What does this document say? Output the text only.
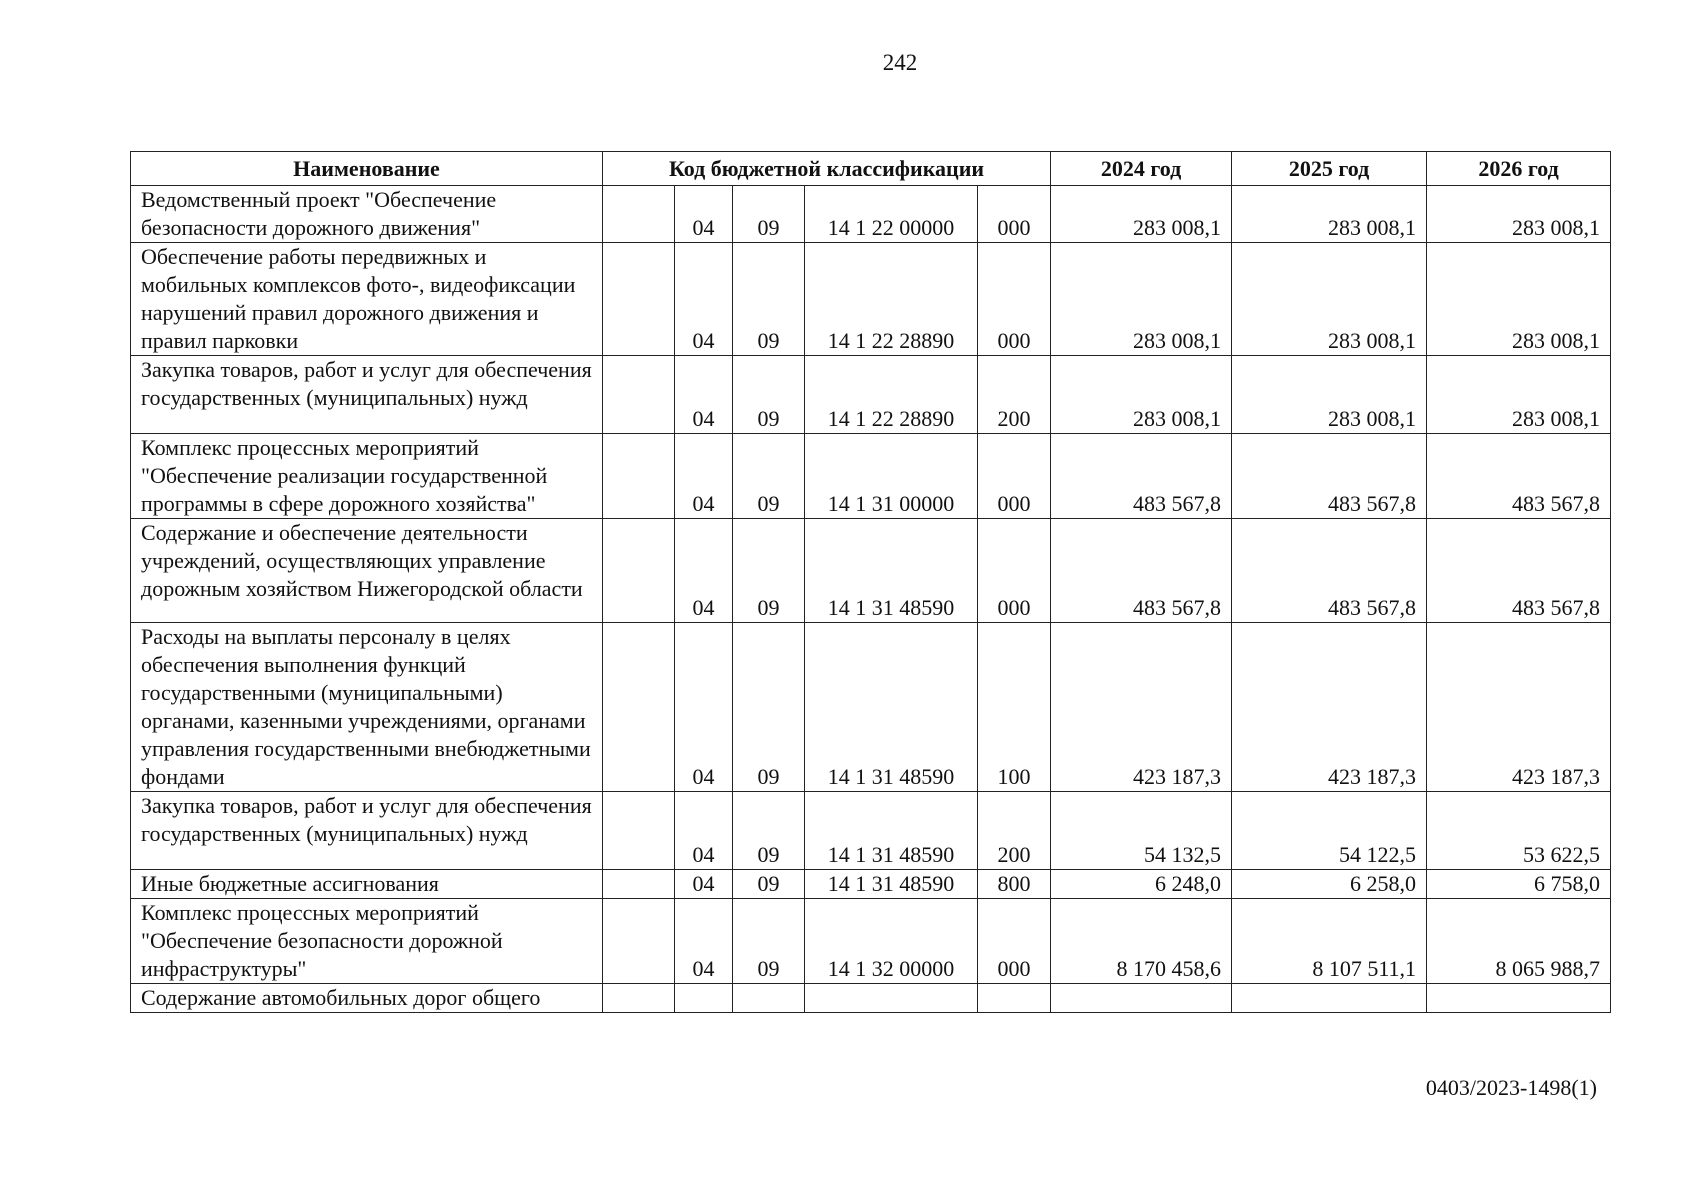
242
Наименование	Код бюджетной классификации					2024 год	2025 год	2026 год
Ведомственный проект "Обеспечение безопасности дорожного движения"		04	09	14 1 22 00000	000	283 008,1	283 008,1	283 008,1
Обеспечение работы передвижных и мобильных комплексов фото-, видеофиксации нарушений правил дорожного движения и правил парковки		04	09	14 1 22 28890	000	283 008,1	283 008,1	283 008,1
Закупка товаров, работ и услуг для обеспечения государственных (муниципальных) нужд		04	09	14 1 22 28890	200	283 008,1	283 008,1	283 008,1
Комплекс процессных мероприятий "Обеспечение реализации государственной программы в сфере дорожного хозяйства"		04	09	14 1 31 00000	000	483 567,8	483 567,8	483 567,8
Содержание и обеспечение деятельности учреждений, осуществляющих управление дорожным хозяйством Нижегородской области		04	09	14 1 31 48590	000	483 567,8	483 567,8	483 567,8
Расходы на выплаты персоналу в целях обеспечения выполнения функций государственными (муниципальными) органами, казенными учреждениями, органами управления государственными внебюджетными фондами		04	09	14 1 31 48590	100	423 187,3	423 187,3	423 187,3
Закупка товаров, работ и услуг для обеспечения государственных (муниципальных) нужд		04	09	14 1 31 48590	200	54 132,5	54 122,5	53 622,5
Иные бюджетные ассигнования		04	09	14 1 31 48590	800	6 248,0	6 258,0	6 758,0
Комплекс процессных мероприятий "Обеспечение безопасности дорожной инфраструктуры"		04	09	14 1 32 00000	000	8 170 458,6	8 107 511,1	8 065 988,7
Содержание автомобильных дорог общего								
0403/2023-1498(1)
